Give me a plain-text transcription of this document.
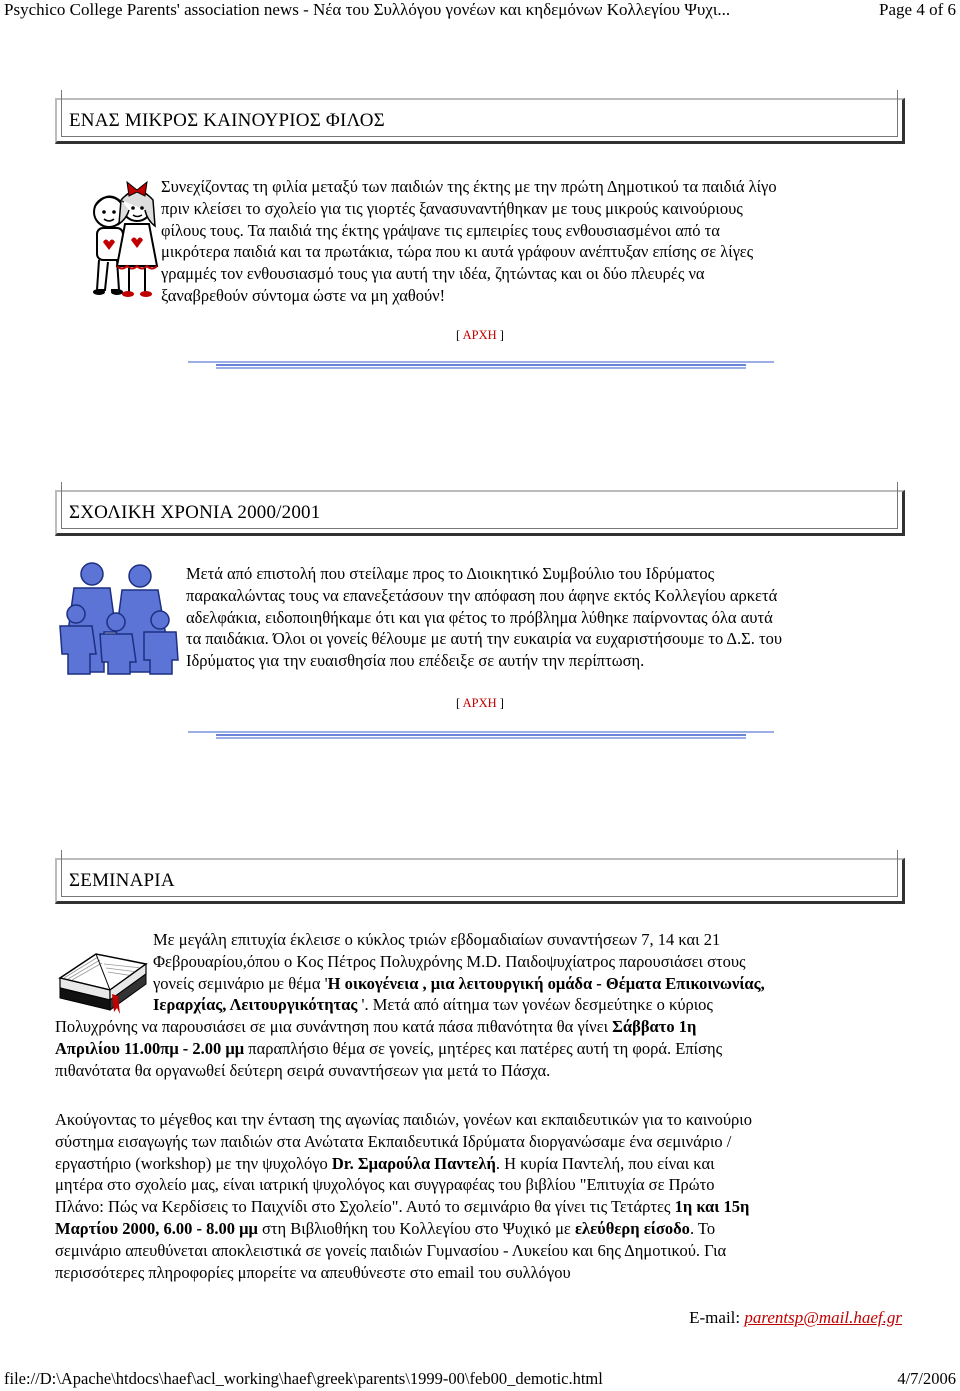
Psychico College Parents' association news - Νέα του Συλλόγου γονέων και κηδεμόνων Κολλεγίου Ψυχι...	Page 4 of 6
ΕΝΑΣ ΜΙΚΡΟΣ ΚΑΙΝΟΥΡΙΟΣ ΦΙΛΟΣ
Συνεχίζοντας τη φιλία μεταξύ των παιδιών της έκτης με την πρώτη Δημοτικού τα παιδιά λίγο
πριν κλείσει το σχολείο για τις γιορτές ξανασυναντήθηκαν με τους μικρούς καινούριους
φίλους τους. Τα παιδιά της έκτης γράψανε τις εμπειρίες τους ενθουσιασμένοι από τα
μικρότερα παιδιά και τα πρωτάκια, τώρα που κι αυτά γράφουν ανέπτυξαν επίσης σε λίγες
γραμμές τον ενθουσιασμό τους για αυτή την ιδέα, ζητώντας και οι δύο πλευρές να
ξαναβρεθούν σύντομα ώστε να μη χαθούν!
[ ΑΡΧΗ ]
ΣΧΟΛΙΚΗ ΧΡΟΝΙΑ 2000/2001
Μετά από επιστολή που στείλαμε προς το Διοικητικό Συμβούλιο του Ιδρύματος
παρακαλώντας τους να επανεξετάσουν την απόφαση που άφηνε εκτός Κολλεγίου αρκετά
αδελφάκια, ειδοποιηθήκαμε ότι και για φέτος το πρόβλημα λύθηκε παίρνοντας όλα αυτά
τα παιδάκια. Όλοι οι γονείς θέλουμε με αυτή την ευκαιρία να ευχαριστήσουμε το Δ.Σ. του
Ιδρύματος για την ευαισθησία που επέδειξε σε αυτήν την περίπτωση.
[ ΑΡΧΗ ]
ΣΕΜΙΝΑΡΙΑ
Με μεγάλη επιτυχία έκλεισε ο κύκλος τριών εβδομαδιαίων συναντήσεων 7, 14 και 21
Φεβρουαρίου,όπου ο Κος Πέτρος Πολυχρόνης M.D. Παιδοψυχίατρος παρουσιάσει στους
γονείς σεμινάριο με θέμα 'Η οικογένεια , μια λειτουργική ομάδα - Θέματα Επικοινωνίας,
Ιεραρχίας, Λειτουργικότητας '. Μετά από αίτημα των γονέων δεσμεύτηκε ο κύριος
Πολυχρόνης να παρουσιάσει σε μια συνάντηση που κατά πάσα πιθανότητα θα γίνει Σάββατο 1η
Απριλίου 11.00πμ - 2.00 μμ παραπλήσιο θέμα σε γονείς, μητέρες και πατέρες αυτή τη φορά. Επίσης
πιθανότατα θα οργανωθεί δεύτερη σειρά συναντήσεων για μετά το Πάσχα.
Ακούγοντας το μέγεθος και την ένταση της αγωνίας παιδιών, γονέων και εκπαιδευτικών για το καινούριο
σύστημα εισαγωγής των παιδιών στα Ανώτατα Εκπαιδευτικά Ιδρύματα διοργανώσαμε ένα σεμινάριο /
εργαστήριο (workshop) με την ψυχολόγο Dr. Σμαρούλα Παντελή. Η κυρία Παντελή, που είναι και
μητέρα στο σχολείο μας, είναι ιατρική ψυχολόγος και συγγραφέας του βιβλίου "Επιτυχία σε Πρώτο
Πλάνο: Πώς να Κερδίσεις το Παιχνίδι στο Σχολείο". Αυτό το σεμινάριο θα γίνει τις Τετάρτες 1η και 15η
Μαρτίου 2000, 6.00 - 8.00 μμ στη Βιβλιοθήκη του Κολλεγίου στο Ψυχικό με ελεύθερη είσοδο. Το
σεμινάριο απευθύνεται αποκλειστικά σε γονείς παιδιών Γυμνασίου - Λυκείου και 6ης Δημοτικού. Για
περισσότερες πληροφορίες μπορείτε να απευθύνεστε στο email του συλλόγου
E-mail: parentsp@mail.haef.gr
file://D:\Apache\htdocs\haef\acl_working\haef\greek\parents\1999-00\feb00_demotic.html	4/7/2006
